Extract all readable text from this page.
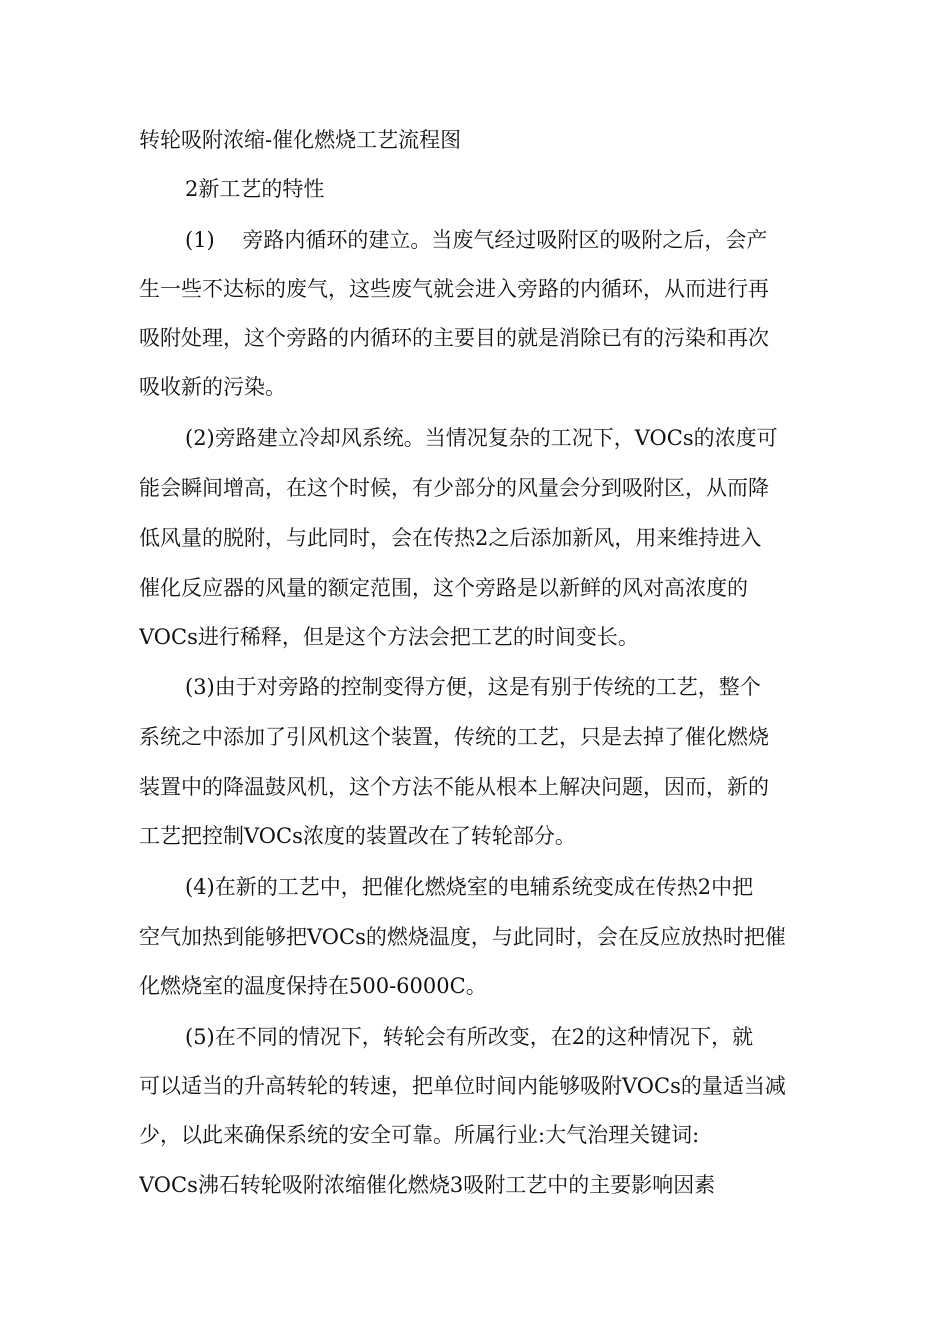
转轮吸附浓缩-催化燃烧工艺流程图
2新工艺的特性
(1)　 旁路内循环的建立。当废气经过吸附区的吸附之后，会产
生一些不达标的废气，这些废气就会进入旁路的内循环，从而进行再
吸附处理，这个旁路的内循环的主要目的就是消除已有的污染和再次
吸收新的污染。
(2)旁路建立冷却风系统。当情况复杂的工况下，VOCs的浓度可
能会瞬间增高，在这个时候，有少部分的风量会分到吸附区，从而降
低风量的脱附，与此同时，会在传热2之后添加新风，用来维持进入
催化反应器的风量的额定范围，这个旁路是以新鲜的风对高浓度的
VOCs进行稀释，但是这个方法会把工艺的时间变长。
(3)由于对旁路的控制变得方便，这是有别于传统的工艺，整个
系统之中添加了引风机这个装置，传统的工艺，只是去掉了催化燃烧
装置中的降温鼓风机，这个方法不能从根本上解决问题，因而，新的
工艺把控制VOCs浓度的装置改在了转轮部分。
(4)在新的工艺中，把催化燃烧室的电辅系统变成在传热2中把
空气加热到能够把VOCs的燃烧温度，与此同时，会在反应放热时把催
化燃烧室的温度保持在500-6000C。
(5)在不同的情况下，转轮会有所改变，在2的这种情况下，就
可以适当的升高转轮的转速，把单位时间内能够吸附VOCs的量适当减
少，以此来确保系统的安全可靠。所属行业:大气治理关键词:
VOCs沸石转轮吸附浓缩催化燃烧3吸附工艺中的主要影响因素
